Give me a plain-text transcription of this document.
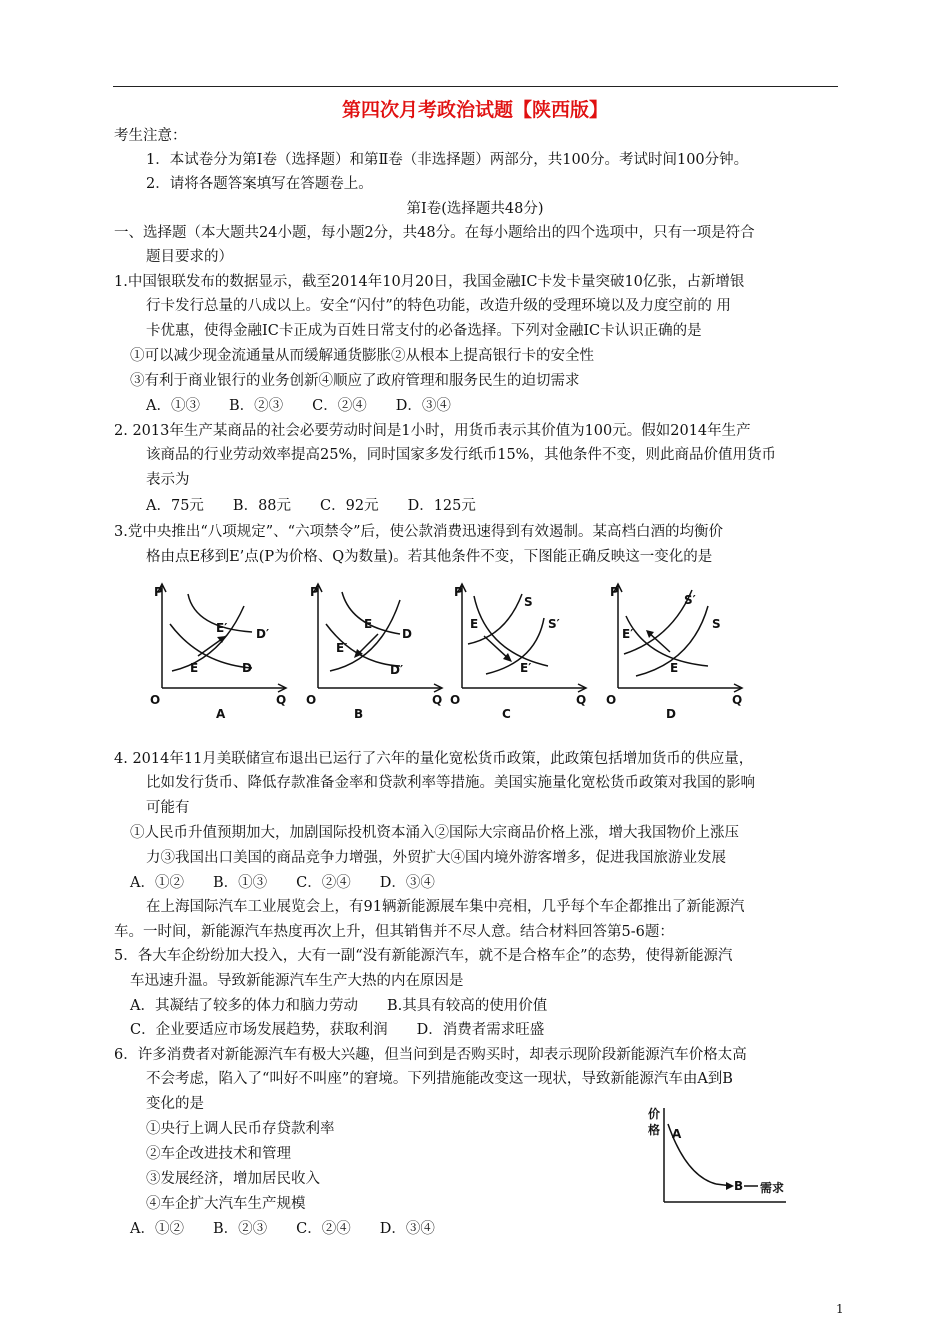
第四次月考政治试题【陕西版】
考生注意：
1．本试卷分为第Ⅰ卷（选择题）和第Ⅱ卷（非选择题）两部分，共100分。考试时间100分钟。
2．请将各题答案填写在答题卷上。
第Ⅰ卷(选择题共48分)
一、选择题（本大题共24小题，每小题2分，共48分。在每小题给出的四个选项中，只有一项是符合
题目要求的）
1.中国银联发布的数据显示，截至2014年10月20日，我国金融IC卡发卡量突破10亿张，占新增银
行卡发行总量的八成以上。安全“闪付”的特色功能，改造升级的受理环境以及力度空前的 用
卡优惠，使得金融IC卡正成为百姓日常支付的必备选择。下列对金融IC卡认识正确的是
①可以减少现金流通量从而缓解通货膨胀②从根本上提高银行卡的安全性
③有利于商业银行的业务创新④顺应了政府管理和服务民生的迫切需求
A．①③　　B．②③　　C．②④　　D．③④
2. 2013年生产某商品的社会必要劳动时间是1小时，用货币表示其价值为100元。假如2014年生产
该商品的行业劳动效率提高25%，同时国家多发行纸币15%，其他条件不变，则此商品价值用货币
表示为
A．75元　　B．88元　　C．92元　　D．125元
3.党中央推出“八项规定”、“六项禁令”后，使公款消费迅速得到有效遏制。某高档白酒的均衡价
格由点E移到E’点(P为价格、Q为数量)。若其他条件不变，下图能正确反映这一变化的是
P
O	Q
E′
E
D′
D
A
P
O	Q
E
E′
D
D′
B
P
O	Q
E
E′
S
S′
C
P
O	Q
E′
E
S′
S
D
4. 2014年11月美联储宣布退出已运行了六年的量化宽松货币政策，此政策包括增加货币的供应量，
比如发行货币、降低存款准备金率和贷款利率等措施。美国实施量化宽松货币政策对我国的影响
可能有
①人民币升值预期加大，加剧国际投机资本涌入②国际大宗商品价格上涨，增大我国物价上涨压
力③我国出口美国的商品竞争力增强，外贸扩大④国内境外游客增多，促进我国旅游业发展
A．①②　　B．①③　　C．②④　　D．③④
在上海国际汽车工业展览会上，有91辆新能源展车集中亮相，几乎每个车企都推出了新能源汽
车。一时间，新能源汽车热度再次上升，但其销售并不尽人意。结合材料回答第5-6题：
5．各大车企纷纷加大投入，大有一副“没有新能源汽车，就不是合格车企”的态势，使得新能源汽
车迅速升温。导致新能源汽车生产大热的内在原因是
A．其凝结了较多的体力和脑力劳动　　B.其具有较高的使用价值
C．企业要适应市场发展趋势，获取利润　　D．消费者需求旺盛
6．许多消费者对新能源汽车有极大兴趣，但当问到是否购买时，却表示现阶段新能源汽车价格太高
不会考虑，陷入了“叫好不叫座”的窘境。下列措施能改变这一现状，导致新能源汽车由A到B
变化的是
①央行上调人民币存贷款利率
②车企改进技术和管理
③发展经济，增加居民收入
④车企扩大汽车生产规模
A．①②　　B．②③　　C．②④　　D．③④
价
格 A
B 需求
1
